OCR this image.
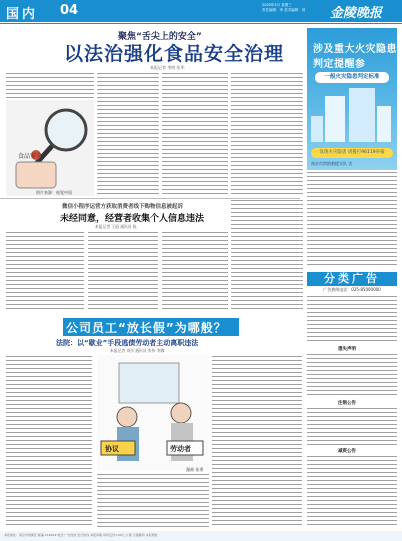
国内 04	2020年5月 星期三
责任编辑：李 美术编辑：刘	金陵晚报
聚焦“舌尖上的安全”
以法治强化食品安全治理
本报记者 李明 张华
食品安全
图片来源：视觉中国
涉及重大火灾隐患
判定提醒参
一般火灾隐患判定标准
发现火灾隐患 请拨打96119举报
南京市消防救援支队 宣
微信小程序运营方获取消费者线下购物信息被起诉
未经同意，经营者收集个人信息违法
本报记者 王丽 通讯员 陈
分类广告
广告热线电话：025-85000000
遗失声明
注销公告
减资公告
公司员工“放长假”为哪般？
法院：以“歇业”手段逃债劳动者主动离职违法
本报记者 刘洋 通讯员 张伟 李娜
协议	劳动者
漫画 张勇
本报地址：南京市建邺区 邮编 210019 电话 广告热线 发行热线 本报印刷 每份定价1.50元 订阅 全国邮局 本报网址
